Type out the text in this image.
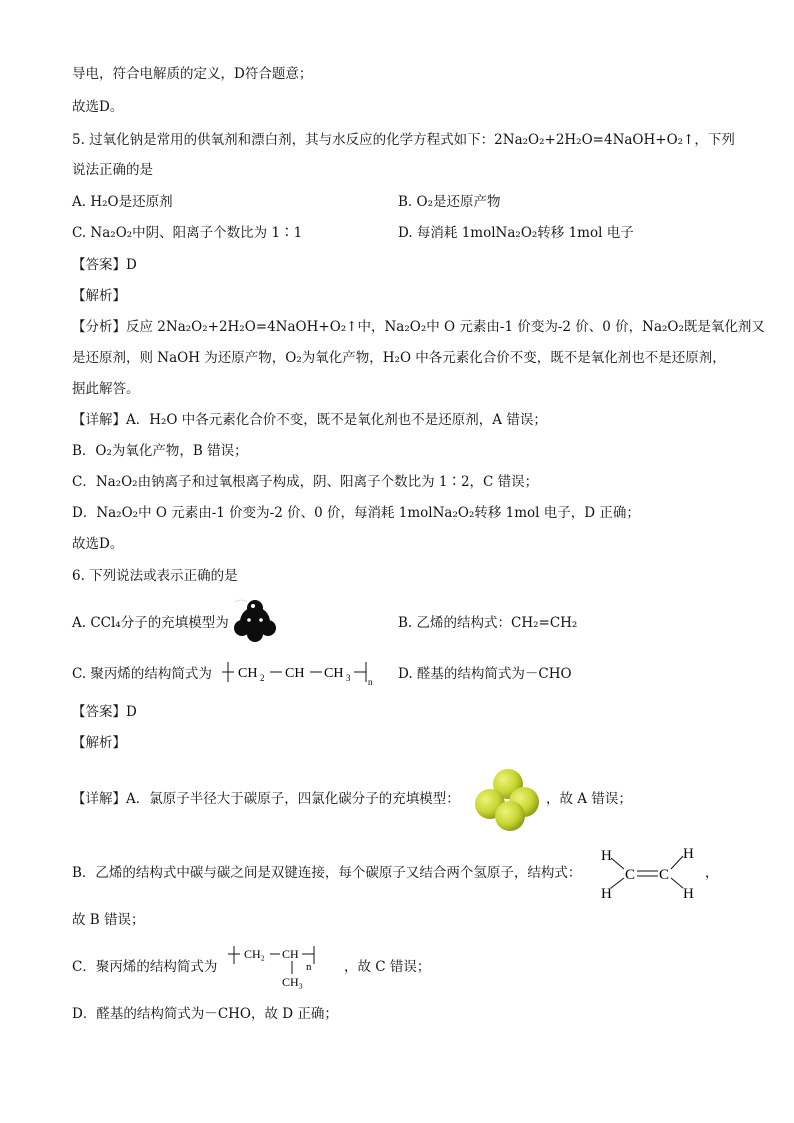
导电，符合电解质的定义，D符合题意；
故选D。
5. 过氧化钠是常用的供氧剂和漂白剂，其与水反应的化学方程式如下：2Na₂O₂+2H₂O=4NaOH+O₂↑，下列
说法正确的是
A. H₂O是还原剂	B. O₂是还原产物
C. Na₂O₂中阴、阳离子个数比为 1∶1	D. 每消耗 1molNa₂O₂转移 1mol 电子
【答案】D
【解析】
【分析】反应 2Na₂O₂+2H₂O=4NaOH+O₂↑中，Na₂O₂中 O 元素由-1 价变为-2 价、0 价，Na₂O₂既是氧化剂又
是还原剂，则 NaOH 为还原产物，O₂为氧化产物，H₂O 中各元素化合价不变，既不是氧化剂也不是还原剂，
据此解答。
【详解】A．H₂O 中各元素化合价不变，既不是氧化剂也不是还原剂，A 错误；
B．O₂为氧化产物，B 错误；
C．Na₂O₂由钠离子和过氧根离子构成，阴、阳离子个数比为 1∶2，C 错误；
D．Na₂O₂中 O 元素由-1 价变为-2 价、0 价，每消耗 1molNa₂O₂转移 1mol 电子，D 正确；
故选D。
6. 下列说法或表示正确的是
A. CCl₄分子的充填模型为	B. 乙烯的结构式：CH₂=CH₂
C. 聚丙烯的结构简式为 CH 2 CH CH 3 n D. 醛基的结构简式为－CHO
【答案】D
【解析】
【详解】A．氯原子半径大于碳原子，四氯化碳分子的充填模型：	，故 A 错误；
B．乙烯的结构式中碳与碳之间是双键连接，每个碳原子又结合两个氢原子，结构式：
H
H
C C
H
H
，
故 B 错误；
C．聚丙烯的结构简式为
CH₂ CH
n
CH₃
，故 C 错误；
D．醛基的结构简式为－CHO，故 D 正确；
